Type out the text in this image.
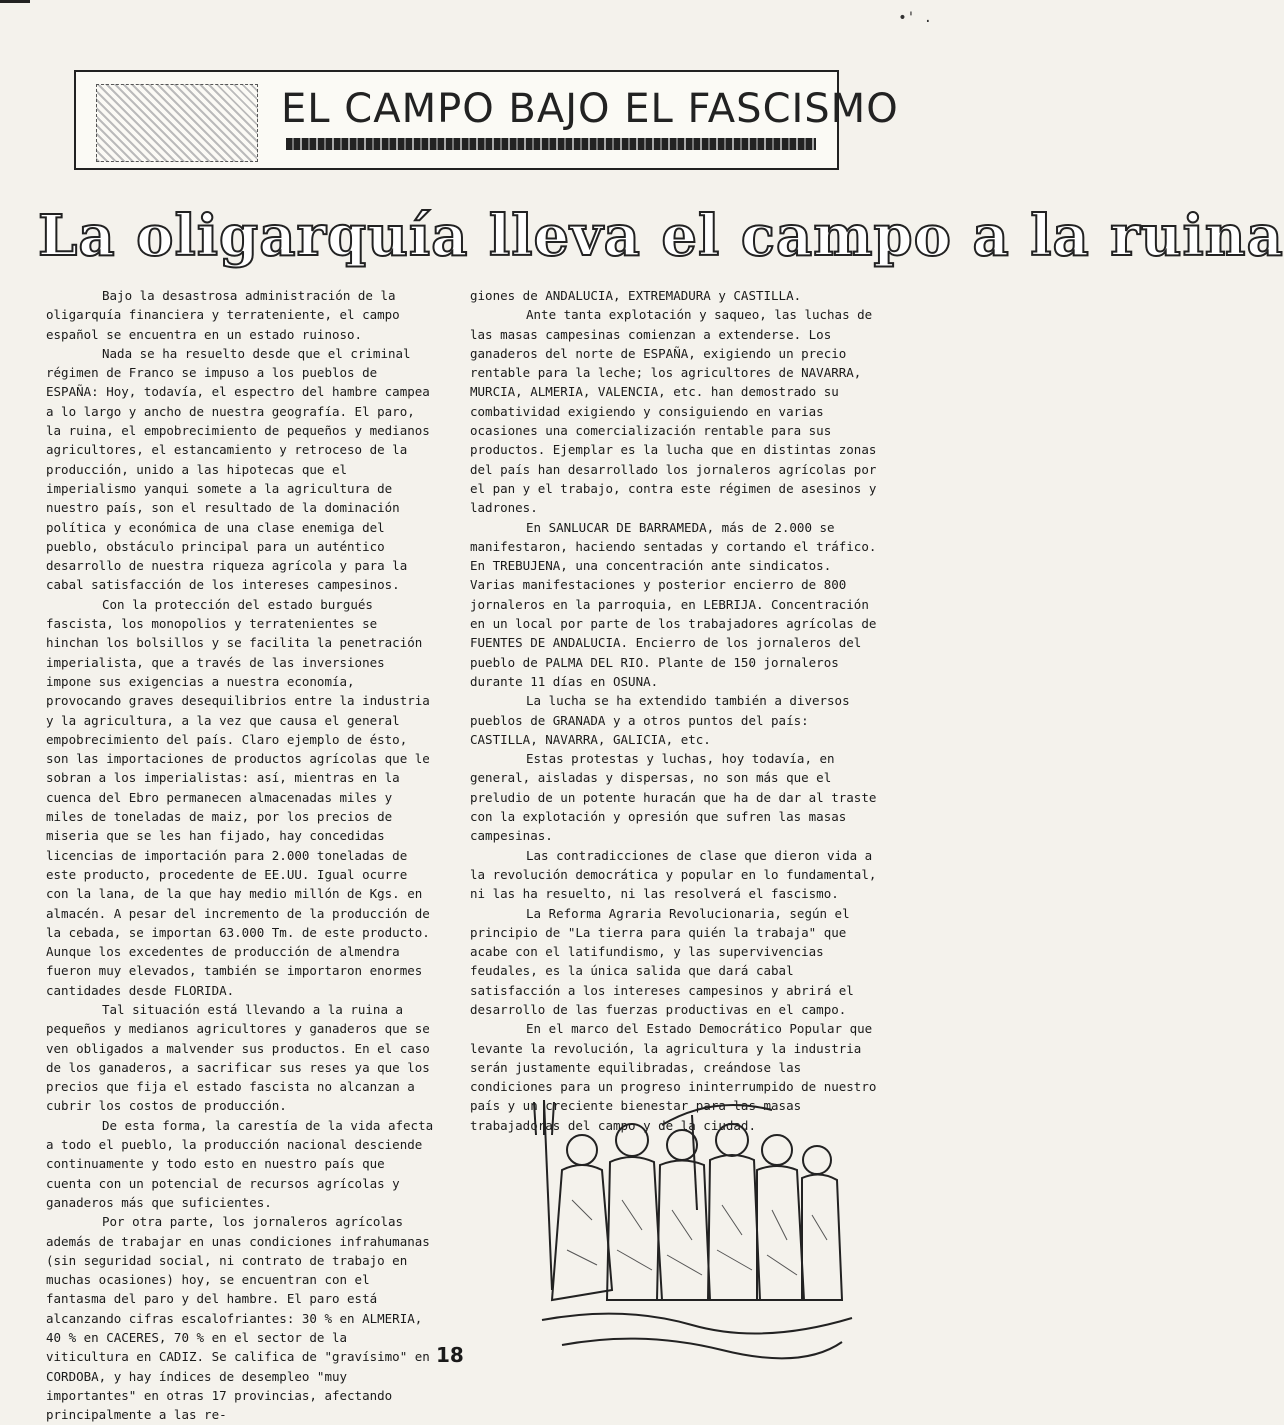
•' .
EL CAMPO BAJO EL FASCISMO
La oligarquía lleva el campo a la ruina

Bajo la desastrosa administración de la oligarquía financiera y terrateniente, el campo español se encuentra en un estado ruinoso.

Nada se ha resuelto desde que el criminal régimen de Franco se impuso a los pueblos de ESPAÑA: Hoy, todavía, el espectro del hambre campea a lo largo y ancho de nuestra geografía. El paro, la ruina, el empobrecimiento de pequeños y medianos agricultores, el estancamiento y retroceso de la producción, unido a las hipotecas que el imperialismo yanqui somete a la agricultura de nuestro país, son el resultado de la dominación política y económica de una clase enemiga del pueblo, obstáculo principal para un auténtico desarrollo de nuestra riqueza agrícola y para la cabal satisfacción de los intereses campesinos.

Con la protección del estado burgués fascista, los monopolios y terratenientes se hinchan los bolsillos y se facilita la penetración imperialista, que a través de las inversiones impone sus exigencias a nuestra economía, provocando graves desequilibrios entre la industria y la agricultura, a la vez que causa el general empobrecimiento del país. Claro ejemplo de ésto, son las importaciones de productos agrícolas que le sobran a los imperialistas: así, mientras en la cuenca del Ebro permanecen almacenadas miles y miles de toneladas de maiz, por los precios de miseria que se les han fijado, hay concedidas licencias de importación para 2.000 toneladas de este producto, procedente de EE.UU. Igual ocurre con la lana, de la que hay medio millón de Kgs. en almacén. A pesar del incremento de la producción de la cebada, se importan 63.000 Tm. de este producto. Aunque los excedentes de producción de almendra fueron muy elevados, también se importaron enormes cantidades desde FLORIDA.

Tal situación está llevando a la ruina a pequeños y medianos agricultores y ganaderos que se ven obligados a malvender sus productos. En el caso de los ganaderos, a sacrificar sus reses ya que los precios que fija el estado fascista no alcanzan a cubrir los costos de producción.

De esta forma, la carestía de la vida afecta a todo el pueblo, la producción nacional desciende continuamente y todo esto en nuestro país que cuenta con un potencial de recursos agrícolas y ganaderos más que suficientes.

Por otra parte, los jornaleros agrícolas además de trabajar en unas condiciones infrahumanas (sin seguridad social, ni contrato de trabajo en muchas ocasiones) hoy, se encuentran con el fantasma del paro y del hambre. El paro está alcanzando cifras escalofriantes: 30 % en ALMERIA, 40 % en CACERES, 70 % en el sector de la viticultura en CADIZ. Se califica de "gravísimo" en CORDOBA, y hay índices de desempleo "muy importantes" en otras 17 provincias, afectando principalmente a las re-

giones de ANDALUCIA, EXTREMADURA y CASTILLA.

Ante tanta explotación y saqueo, las luchas de las masas campesinas comienzan a extenderse. Los ganaderos del norte de ESPAÑA, exigiendo un precio rentable para la leche; los agricultores de NAVARRA, MURCIA, ALMERIA, VALENCIA, etc. han demostrado su combatividad exigiendo y consiguiendo en varias ocasiones una comercialización rentable para sus productos. Ejemplar es la lucha que en distintas zonas del país han desarrollado los jornaleros agrícolas por el pan y el trabajo, contra este régimen de asesinos y ladrones.

En SANLUCAR DE BARRAMEDA, más de 2.000 se manifestaron, haciendo sentadas y cortando el tráfico. En TREBUJENA, una concentración ante sindicatos. Varias manifestaciones y posterior encierro de 800 jornaleros en la parroquia, en LEBRIJA. Concentración en un local por parte de los trabajadores agrícolas de FUENTES DE ANDALUCIA. Encierro de los jornaleros del pueblo de PALMA DEL RIO. Plante de 150 jornaleros durante 11 días en OSUNA.

La lucha se ha extendido también a diversos pueblos de GRANADA y a otros puntos del país: CASTILLA, NAVARRA, GALICIA, etc.

Estas protestas y luchas, hoy todavía, en general, aisladas y dispersas, no son más que el preludio de un potente huracán que ha de dar al traste con la explotación y opresión que sufren las masas campesinas.

Las contradicciones de clase que dieron vida a la revolución democrática y popular en lo fundamental, ni las ha resuelto, ni las resolverá el fascismo.

La Reforma Agraria Revolucionaria, según el principio de "La tierra para quién la trabaja" que acabe con el latifundismo, y las supervivencias feudales, es la única salida que dará cabal satisfacción a los intereses campesinos y abrirá el desarrollo de las fuerzas productivas en el campo.

En el marco del Estado Democrático Popular que levante la revolución, la agricultura y la industria serán justamente equilibradas, creándose las condiciones para un progreso ininterrumpido de nuestro país y un creciente bienestar para las masas trabajadoras del campo y de la ciudad.

18
